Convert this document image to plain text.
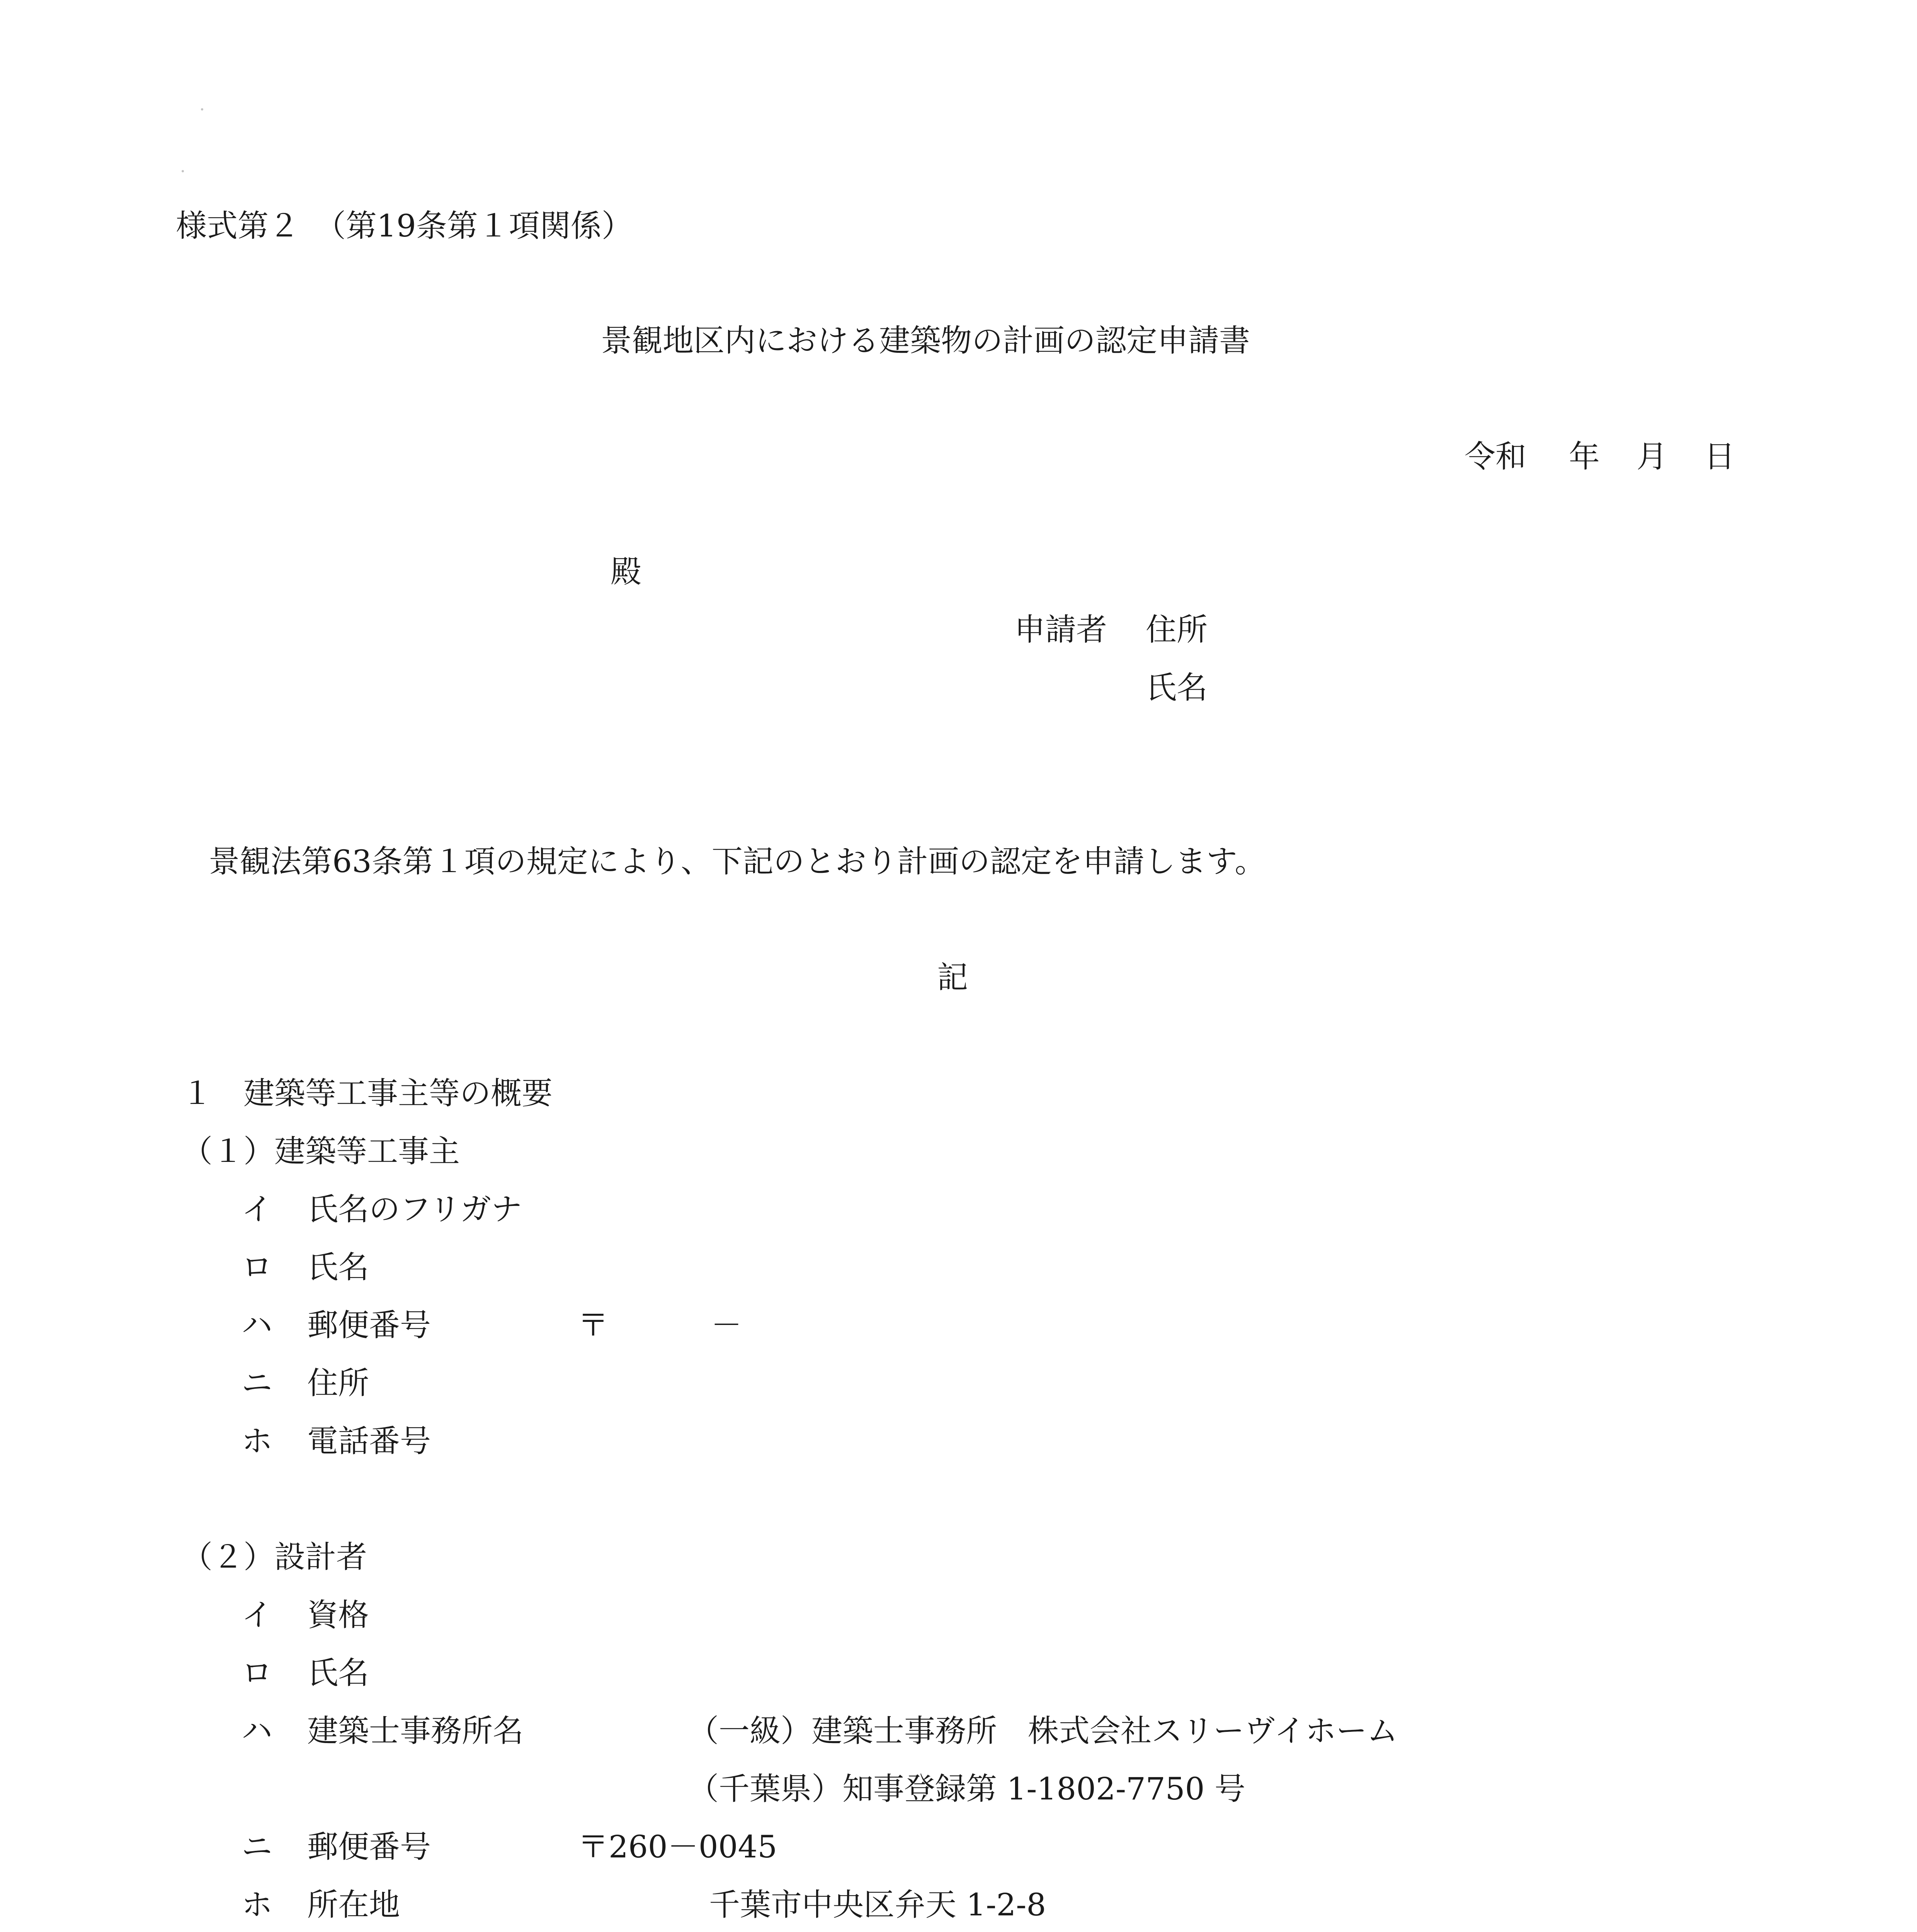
様式第２　（第19条第１項関係）
景観地区内における建築物の計画の認定申請書
令和 年 月 日
殿
申請者 住所
氏名
景観法第63条第１項の規定により、下記のとおり計画の認定を申請します。
記
１　建築等工事主等の概要
（１）建築等工事主
イ 氏名のフリガナ
ロ 氏名
ハ 郵便番号	〒	－
ニ 住所
ホ 電話番号
（２）設計者
イ 資格
ロ 氏名
ハ 建築士事務所名	（一級）建築士事務所　株式会社スリーヴイホーム
（千葉県）知事登録第 1-1802-7750 号
ニ 郵便番号	〒260－0045
ホ 所在地	千葉市中央区弁天 1-2-8
